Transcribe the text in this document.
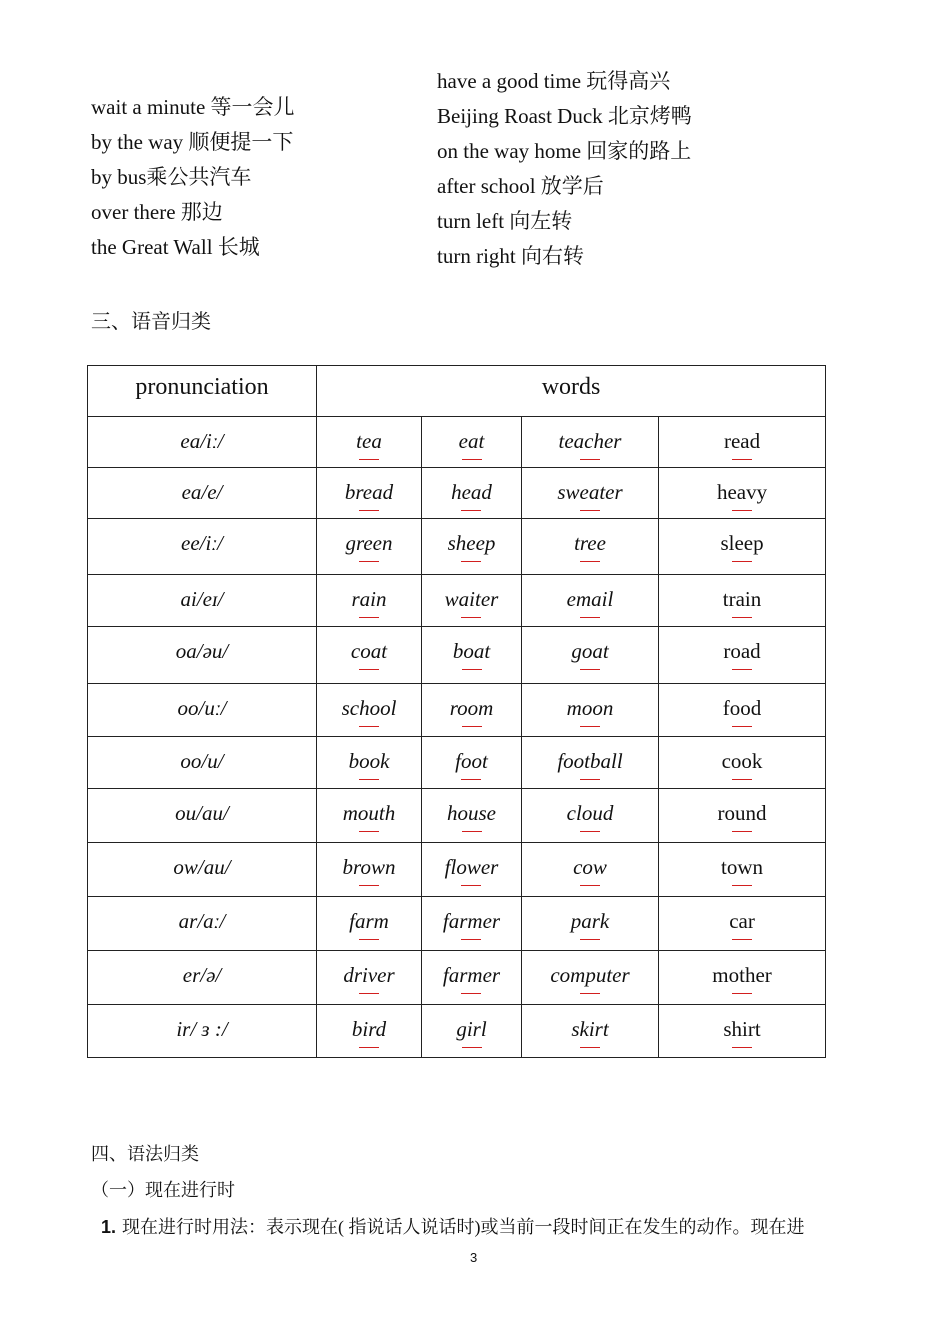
wait a minute 等一会儿
by the way 顺便提一下
by bus乘公共汽车
over there 那边
the Great Wall 长城
have a good time 玩得高兴
Beijing Roast Duck 北京烤鸭
on the way home 回家的路上
after school 放学后
turn left 向左转
turn right 向右转
三、语音归类
pronunciation	words			
ea/iː/	tea	eat	teacher	read
ea/e/	bread	head	sweater	heavy
ee/iː/	green	sheep	tree	sleep
ai/eɪ/	rain	waiter	email	train
oa/əu/	coat	boat	goat	road
oo/uː/	school	room	moon	food
oo/u/	book	foot	football	cook
ou/au/	mouth	house	cloud	round
ow/au/	brown	flower	cow	town
ar/aː/	farm	farmer	park	car
er/ə/	driver	farmer	computer	mother
ir/ ɜ :/	bird	girl	skirt	shirt
四、语法归类
（一）现在进行时
1. 现在进行时用法：表示现在( 指说话人说话时)或当前一段时间正在发生的动作。现在进
3
